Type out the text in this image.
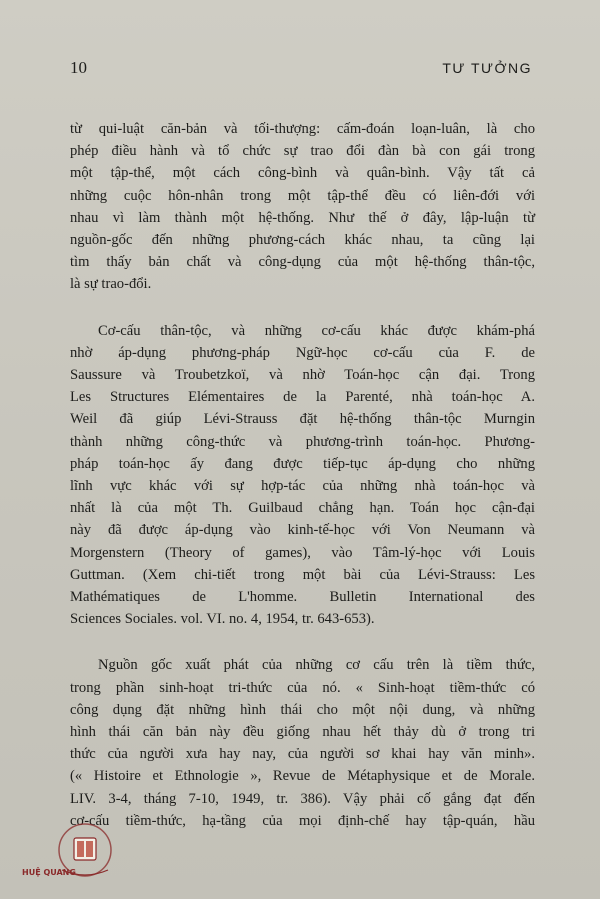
10	TƯ TƯỞNG

từ qui-luật căn-bản và tối-thượng: cấm-đoán loạn-luân, là cho
phép điều hành và tổ chức sự trao đổi đàn bà con gái trong
một tập-thể, một cách công-bình và quân-bình. Vậy tất cả
những cuộc hôn-nhân trong một tập-thể đều có liên-đới với
nhau vì làm thành một hệ-thống. Như thế ở đây, lập-luận từ
nguồn-gốc đến những phương-cách khác nhau, ta cũng lại
tìm thấy bản chất và công-dụng của một hệ-thống thân-tộc,
là sự trao-đổi.

Cơ-cấu thân-tộc, và những cơ-cấu khác được khám-phá
nhờ áp-dụng phương-pháp Ngữ-học cơ-cấu của F. de
Saussure và Troubetzkoï, và nhờ Toán-học cận đại. Trong
Les Structures Elémentaires de la Parenté, nhà toán-học A.
Weil đã giúp Lévi-Strauss đặt hệ-thống thân-tộc Murngin
thành những công-thức và phương-trình toán-học. Phương-
pháp toán-học ấy đang được tiếp-tục áp-dụng cho những
lĩnh vực khác với sự hợp-tác của những nhà toán-học và
nhất là của một Th. Guilbaud chẳng hạn. Toán học cận-đại
này đã được áp-dụng vào kinh-tế-học với Von Neumann và
Morgenstern (Theory of games), vào Tâm-lý-học với Louis
Guttman. (Xem chi-tiết trong một bài của Lévi-Strauss: Les
Mathématiques de L'homme. Bulletin International des
Sciences Sociales. vol. VI. no. 4, 1954, tr. 643-653).

Nguồn gốc xuất phát của những cơ cấu trên là tiềm thức,
trong phần sinh-hoạt tri-thức của nó. « Sinh-hoạt tiềm-thức có
công dụng đặt những hình thái cho một nội dung, và những
hình thái căn bản này đều giống nhau hết thảy dù ở trong tri
thức của người xưa hay nay, của người sơ khai hay văn minh».
(« Histoire et Ethnologie », Revue de Métaphysique et de Morale.
LIV. 3-4, tháng 7-10, 1949, tr. 386). Vậy phải cố gắng đạt đến
cơ-cấu tiềm-thức, hạ-tầng của mọi định-chế hay tập-quán, hầu

HUỆ QUANG
